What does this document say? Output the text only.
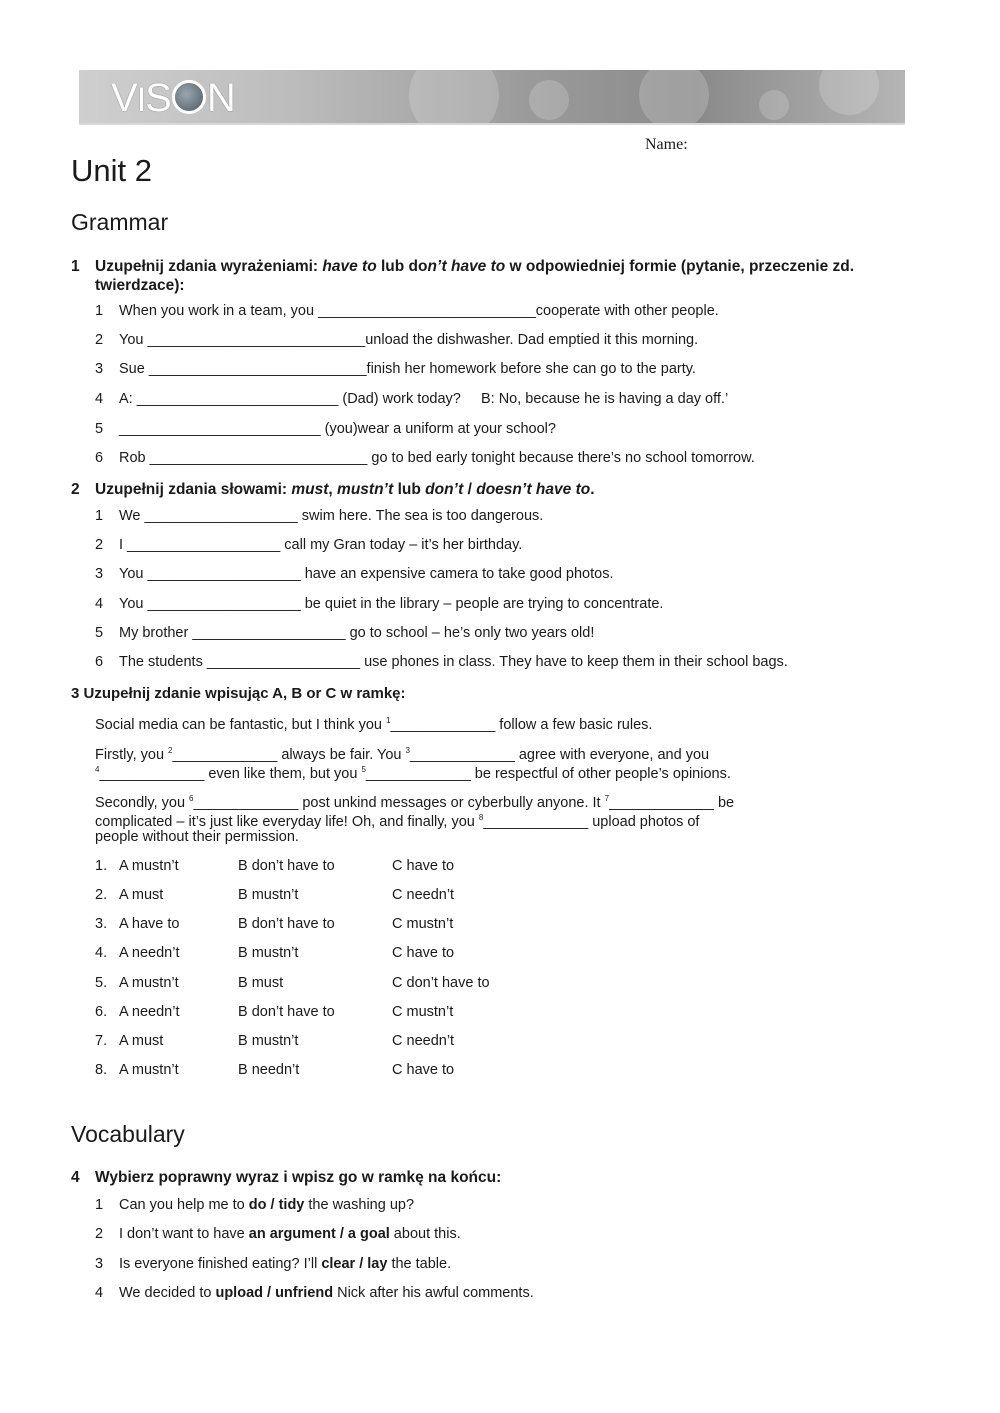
VIS N
Name:
Unit 2
Grammar
1 Uzupełnij zdania wyrażeniami: have to lub don’t have to w odpowiedniej formie (pytanie, przeczenie zd. twierdzace):
1 When you work in a team, you ___________________________cooperate with other people.
2 You ___________________________unload the dishwasher. Dad emptied it this morning.
3 Sue ___________________________finish her homework before she can go to the party.
4 A: _________________________ (Dad) work today?     B: No, because he is having a day off.’
5 _________________________ (you)wear a uniform at your school?
6 Rob ___________________________ go to bed early tonight because there’s no school tomorrow.
2 Uzupełnij zdania słowami: must, mustn’t lub don’t / doesn’t have to.
1 We ___________________ swim here. The sea is too dangerous.
2 I ___________________ call my Gran today – it’s her birthday.
3 You ___________________ have an expensive camera to take good photos.
4 You ___________________ be quiet in the library – people are trying to concentrate.
5 My brother ___________________ go to school – he’s only two years old!
6 The students ___________________ use phones in class. They have to keep them in their school bags.
3 Uzupełnij zdanie wpisując A, B or C w ramkę:
Social media can be fantastic, but I think you $^1$_____________ follow a few basic rules.
Firstly, you $^2$_____________ always be fair. You $^3$_____________ agree with everyone, and you
$^4$_____________ even like them, but you $^5$_____________ be respectful of other people’s opinions.
Secondly, you $^6$_____________ post unkind messages or cyberbully anyone. It $^7$_____________ be
complicated – it’s just like everyday life! Oh, and finally, you $^8$_____________ upload photos of
people without their permission.
1. A mustn’t	B don’t have to	C have to
2. A must	B mustn’t	C needn’t
3. A have to	B don’t have to	C mustn’t
4. A needn’t	B mustn’t	C have to
5. A mustn’t	B must	C don’t have to
6. A needn’t	B don’t have to	C mustn’t
7. A must	B mustn’t	C needn’t
8. A mustn’t	B needn’t	C have to
Vocabulary
4 Wybierz poprawny wyraz i wpisz go w ramkę na końcu:
1 Can you help me to do / tidy the washing up?
2 I don’t want to have an argument / a goal about this.
3 Is everyone finished eating? I’ll clear / lay the table.
4 We decided to upload / unfriend Nick after his awful comments.
